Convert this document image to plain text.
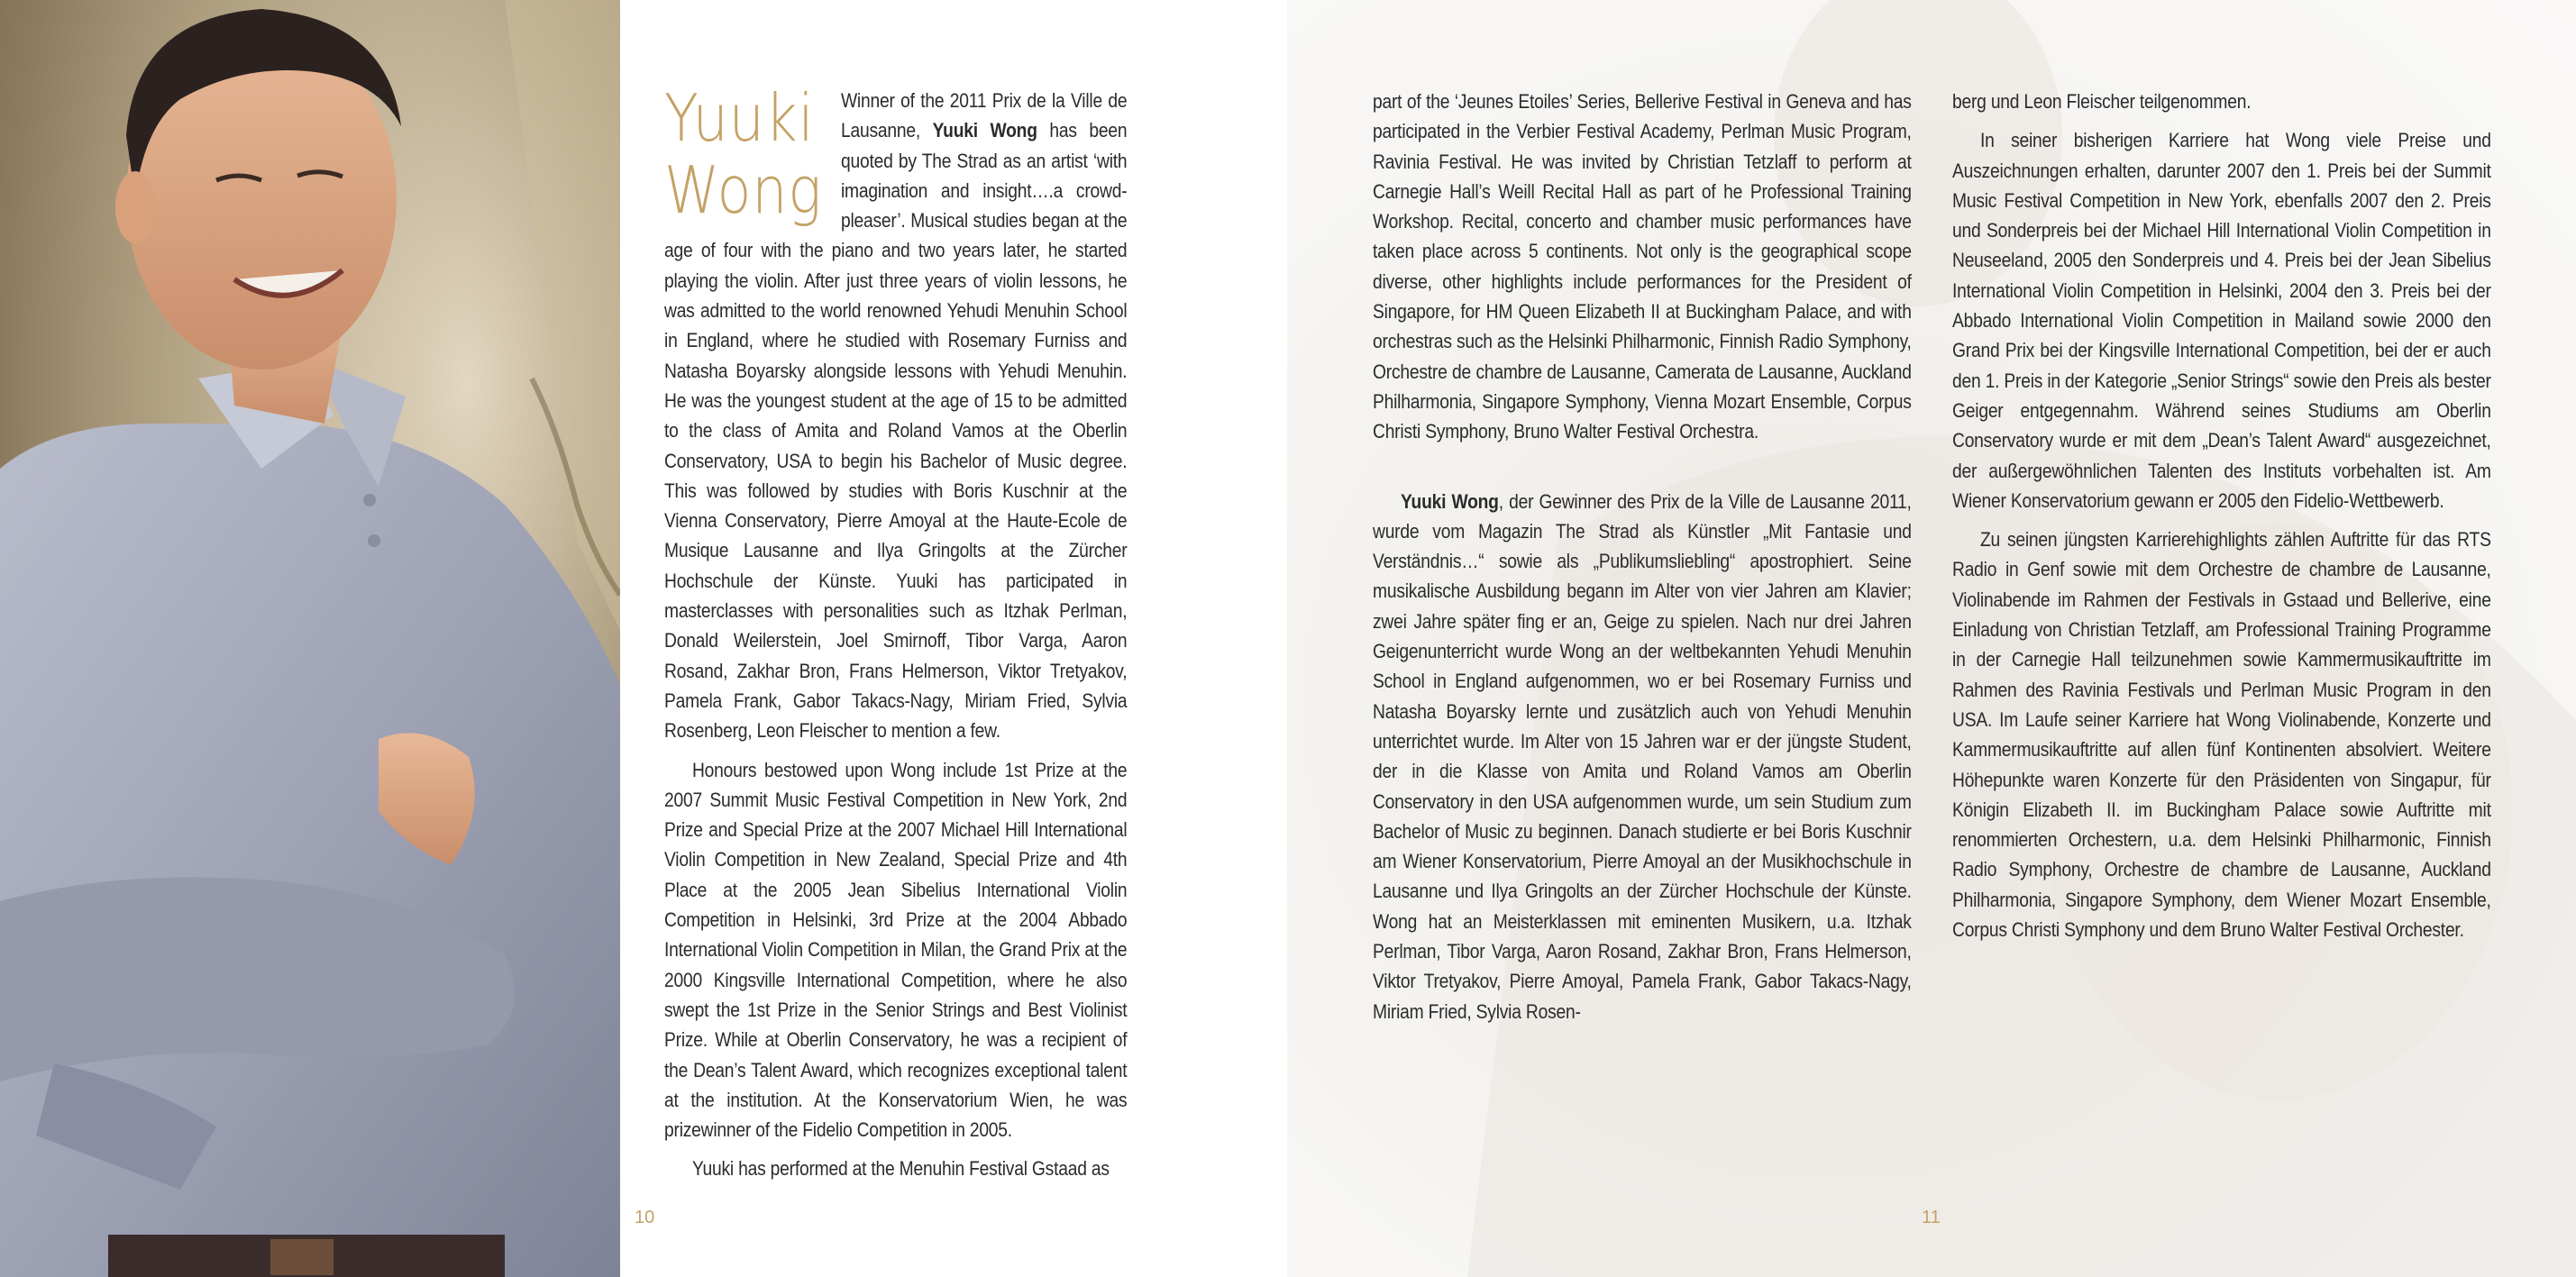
Yuuki
Wong
Winner of the 2011 Prix de la Ville de Lausanne, Yuuki Wong has been quoted by The Strad as an artist ‘with imagination and insight….a crowd-pleaser’. Musical studies began at the age of four with the piano and two years later, he started playing the violin. After just three years of violin lessons, he was admitted to the world renowned Yehudi Menuhin School in England, where he studied with Rosemary Furniss and Natasha Boyarsky alongside lessons with Yehudi Menuhin. He was the youngest student at the age of 15 to be admitted to the class of Amita and Roland Vamos at the Oberlin Conservatory, USA to begin his Bachelor of Music degree. This was followed by studies with Boris Kuschnir at the Vienna Conservatory, Pierre Amoyal at the Haute-Ecole de Musique Lausanne and Ilya Gringolts at the Zürcher Hochschule der Künste. Yuuki has participated in masterclasses with personalities such as Itzhak Perlman, Donald Weilerstein, Joel Smirnoff, Tibor Varga, Aaron Rosand, Zakhar Bron, Frans Helmerson, Viktor Tretyakov, Pamela Frank, Gabor Takacs-Nagy, Miriam Fried, Sylvia Rosenberg, Leon Fleischer to mention a few.

Honours bestowed upon Wong include 1st Prize at the 2007 Summit Music Festival Competition in New York, 2nd Prize and Special Prize at the 2007 Michael Hill International Violin Competition in New Zealand, Special Prize and 4th Place at the 2005 Jean Sibelius International Violin Competition in Helsinki, 3rd Prize at the 2004 Abbado International Violin Competition in Milan, the Grand Prix at the 2000 Kingsville International Competition, where he also swept the 1st Prize in the Senior Strings and Best Violinist Prize. While at Oberlin Conservatory, he was a recipient of the Dean’s Talent Award, which recognizes exceptional talent at the institution. At the Konservatorium Wien, he was prizewinner of the Fidelio Competition in 2005.

Yuuki has performed at the Menuhin Festival Gstaad as

10

part of the ‘Jeunes Etoiles’ Series, Bellerive Festival in Geneva and has participated in the Verbier Festival Academy, Perlman Music Program, Ravinia Festival. He was invited by Christian Tetzlaff to perform at Carnegie Hall’s Weill Recital Hall as part of he Professional Training Workshop. Recital, concerto and chamber music performances have taken place across 5 continents. Not only is the geographical scope diverse, other highlights include performances for the President of Singapore, for HM Queen Elizabeth II at Buckingham Palace, and with orchestras such as the Helsinki Philharmonic, Finnish Radio Symphony, Orchestre de chambre de Lausanne, Camerata de Lausanne, Auckland Philharmonia, Singapore Symphony, Vienna Mozart Ensemble, Corpus Christi Symphony, Bruno Walter Festival Orchestra.

Yuuki Wong, der Gewinner des Prix de la Ville de Lausanne 2011, wurde vom Magazin The Strad als Künstler „Mit Fantasie und Verständnis…“ sowie als „Publikumsliebling“ apostrophiert. Seine musikalische Ausbildung begann im Alter von vier Jahren am Klavier; zwei Jahre später fing er an, Geige zu spielen. Nach nur drei Jahren Geigenunterricht wurde Wong an der weltbekannten Yehudi Menuhin School in England aufgenommen, wo er bei Rosemary Furniss und Natasha Boyarsky lernte und zusätzlich auch von Yehudi Menuhin unterrichtet wurde. Im Alter von 15 Jahren war er der jüngste Student, der in die Klasse von Amita und Roland Vamos am Oberlin Conservatory in den USA aufgenommen wurde, um sein Studium zum Bachelor of Music zu beginnen. Danach studierte er bei Boris Kuschnir am Wiener Konservatorium, Pierre Amoyal an der Musikhochschule in Lausanne und Ilya Gringolts an der Zürcher Hochschule der Künste. Wong hat an Meisterklassen mit eminenten Musikern, u.a. Itzhak Perlman, Tibor Varga, Aaron Rosand, Zakhar Bron, Frans Helmerson, Viktor Tretyakov, Pierre Amoyal, Pamela Frank, Gabor Takacs-Nagy, Miriam Fried, Sylvia Rosen-

berg und Leon Fleischer teilgenommen.

In seiner bisherigen Karriere hat Wong viele Preise und Auszeichnungen erhalten, darunter 2007 den 1. Preis bei der Summit Music Festival Competition in New York, ebenfalls 2007 den 2. Preis und Sonderpreis bei der Michael Hill International Violin Competition in Neuseeland, 2005 den Sonderpreis und 4. Preis bei der Jean Sibelius International Violin Competition in Helsinki, 2004 den 3. Preis bei der Abbado International Violin Competition in Mailand sowie 2000 den Grand Prix bei der Kingsville International Competition, bei der er auch den 1. Preis in der Kategorie „Senior Strings“ sowie den Preis als bester Geiger entgegennahm. Während seines Studiums am Oberlin Conservatory wurde er mit dem „Dean’s Talent Award“ ausgezeichnet, der außergewöhnlichen Talenten des Instituts vorbehalten ist. Am Wiener Konservatorium gewann er 2005 den Fidelio-Wettbewerb.

Zu seinen jüngsten Karrierehighlights zählen Auftritte für das RTS Radio in Genf sowie mit dem Orchestre de chambre de Lausanne, Violinabende im Rahmen der Festivals in Gstaad und Bellerive, eine Einladung von Christian Tetzlaff, am Professional Training Programme in der Carnegie Hall teilzunehmen sowie Kammermusikauftritte im Rahmen des Ravinia Festivals und Perlman Music Program in den USA. Im Laufe seiner Karriere hat Wong Violinabende, Konzerte und Kammermusikauftritte auf allen fünf Kontinenten absolviert. Weitere Höhepunkte waren Konzerte für den Präsidenten von Singapur, für Königin Elizabeth II. im Buckingham Palace sowie Auftritte mit renommierten Orchestern, u.a. dem Helsinki Philharmonic, Finnish Radio Symphony, Orchestre de chambre de Lausanne, Auckland Philharmonia, Singapore Symphony, dem Wiener Mozart Ensemble, Corpus Christi Symphony und dem Bruno Walter Festival Orchester.

11
